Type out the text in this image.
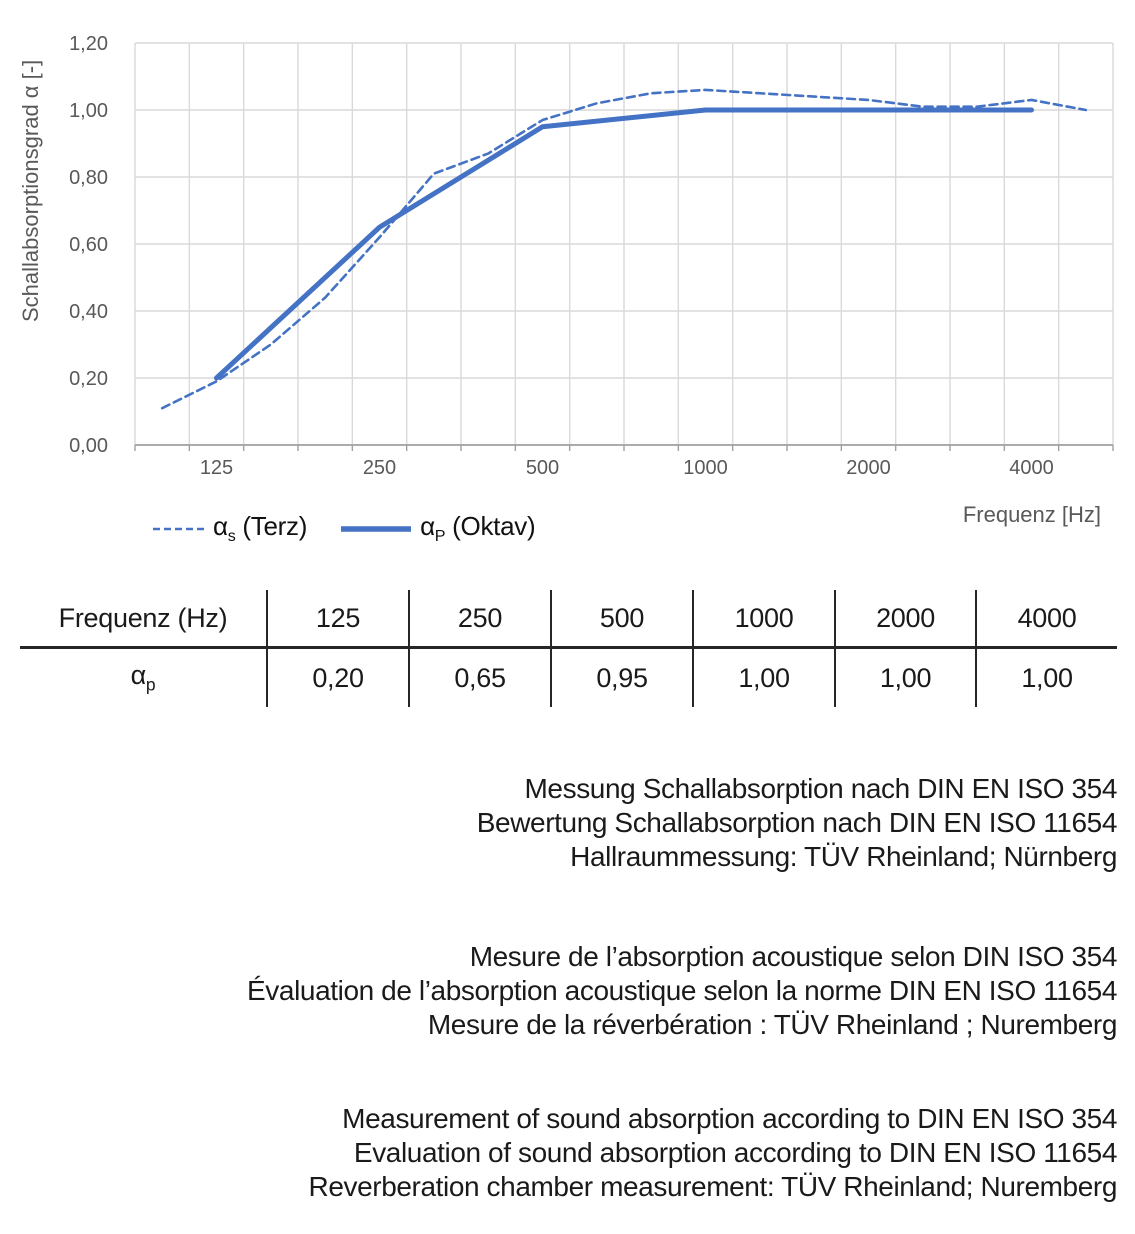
0,00
0,20
0,40
0,60
0,80
1,00
1,20
125	250	500	1000	2000	4000
Schallabsorptionsgrad α [-]
Frequenz [Hz]
$\alpha_s$ (Terz)	$\alpha_P$ (Oktav)
Frequenz (Hz)	125	250	500	1000	2000	4000
$\alpha_p$	0,20	0,65	0,95	1,00	1,00	1,00
Messung Schallabsorption nach DIN EN ISO 354
Bewertung Schallabsorption nach DIN EN ISO 11654
Hallraummessung: TÜV Rheinland; Nürnberg
Mesure de l’absorption acoustique selon DIN ISO 354
Évaluation de l’absorption acoustique selon la norme DIN EN ISO 11654
Mesure de la réverbération : TÜV Rheinland ; Nuremberg
Measurement of sound absorption according to DIN EN ISO 354
Evaluation of sound absorption according to DIN EN ISO 11654
Reverberation chamber measurement: TÜV Rheinland; Nuremberg
